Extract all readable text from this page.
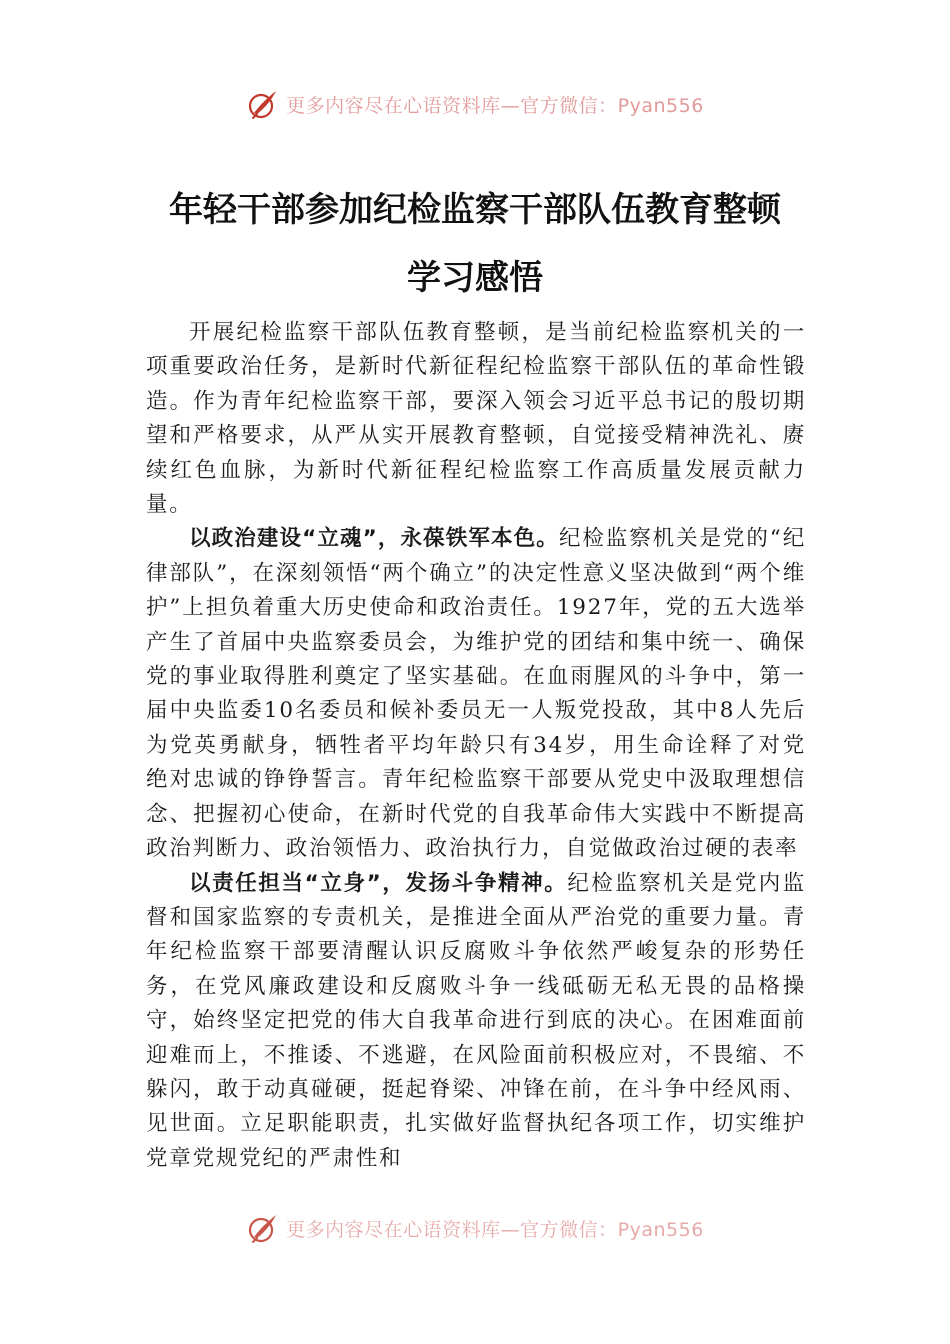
更多内容尽在心语资料库—官方微信：Pyan556
年轻干部参加纪检监察干部队伍教育整顿
学习感悟

开展纪检监察干部队伍教育整顿，是当前纪检监察机关的一项重要政治任务，是新时代新征程纪检监察干部队伍的革命性锻造。作为青年纪检监察干部，要深入领会习近平总书记的殷切期望和严格要求，从严从实开展教育整顿，自觉接受精神洗礼、赓续红色血脉，为新时代新征程纪检监察工作高质量发展贡献力量。

以政治建设“立魂”，永葆铁军本色。纪检监察机关是党的“纪律部队”，在深刻领悟“两个确立”的决定性意义坚决做到“两个维护”上担负着重大历史使命和政治责任。1927年，党的五大选举产生了首届中央监察委员会，为维护党的团结和集中统一、确保党的事业取得胜利奠定了坚实基础。在血雨腥风的斗争中，第一届中央监委10名委员和候补委员无一人叛党投敌，其中8人先后为党英勇献身，牺牲者平均年龄只有34岁，用生命诠释了对党绝对忠诚的铮铮誓言。青年纪检监察干部要从党史中汲取理想信念、把握初心使命，在新时代党的自我革命伟大实践中不断提高政治判断力、政治领悟力、政治执行力，自觉做政治过硬的表率

以责任担当“立身”，发扬斗争精神。纪检监察机关是党内监督和国家监察的专责机关，是推进全面从严治党的重要力量。青年纪检监察干部要清醒认识反腐败斗争依然严峻复杂的形势任务，在党风廉政建设和反腐败斗争一线砥砺无私无畏的品格操守，始终坚定把党的伟大自我革命进行到底的决心。在困难面前迎难而上，不推诿、不逃避，在风险面前积极应对，不畏缩、不躲闪，敢于动真碰硬，挺起脊梁、冲锋在前，在斗争中经风雨、见世面。立足职能职责，扎实做好监督执纪各项工作，切实维护党章党规党纪的严肃性和

更多内容尽在心语资料库—官方微信：Pyan556
